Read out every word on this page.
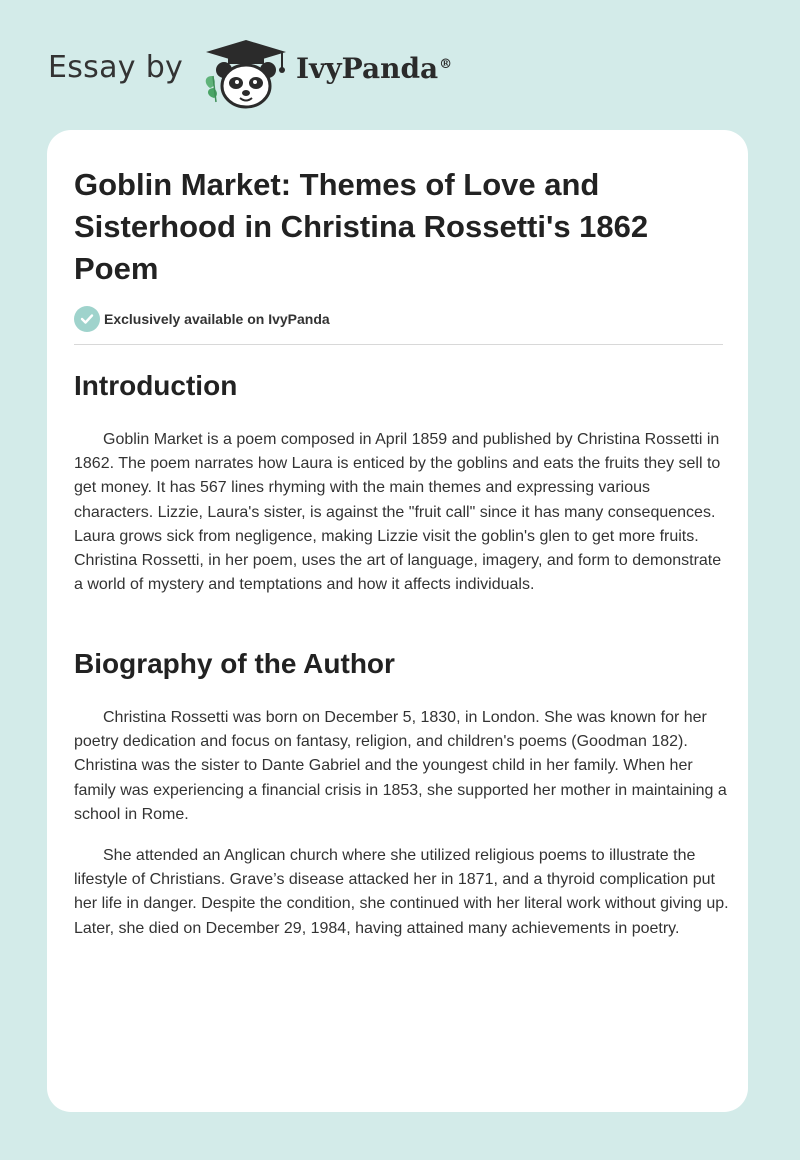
Essay by	IvyPanda®
Goblin Market: Themes of Love and Sisterhood in Christina Rossetti's 1862 Poem
Exclusively available on IvyPanda
Introduction

Goblin Market is a poem composed in April 1859 and published by Christina Rossetti in 1862. The poem narrates how Laura is enticed by the goblins and eats the fruits they sell to get money. It has 567 lines rhyming with the main themes and expressing various characters. Lizzie, Laura's sister, is against the "fruit call" since it has many consequences. Laura grows sick from negligence, making Lizzie visit the goblin's glen to get more fruits. Christina Rossetti, in her poem, uses the art of language, imagery, and form to demonstrate a world of mystery and temptations and how it affects individuals.

Biography of the Author

Christina Rossetti was born on December 5, 1830, in London. She was known for her poetry dedication and focus on fantasy, religion, and children's poems (Goodman 182). Christina was the sister to Dante Gabriel and the youngest child in her family. When her family was experiencing a financial crisis in 1853, she supported her mother in maintaining a school in Rome.

She attended an Anglican church where she utilized religious poems to illustrate the lifestyle of Christians. Grave’s disease attacked her in 1871, and a thyroid complication put her life in danger. Despite the condition, she continued with her literal work without giving up. Later, she died on December 29, 1984, having attained many achievements in poetry.
